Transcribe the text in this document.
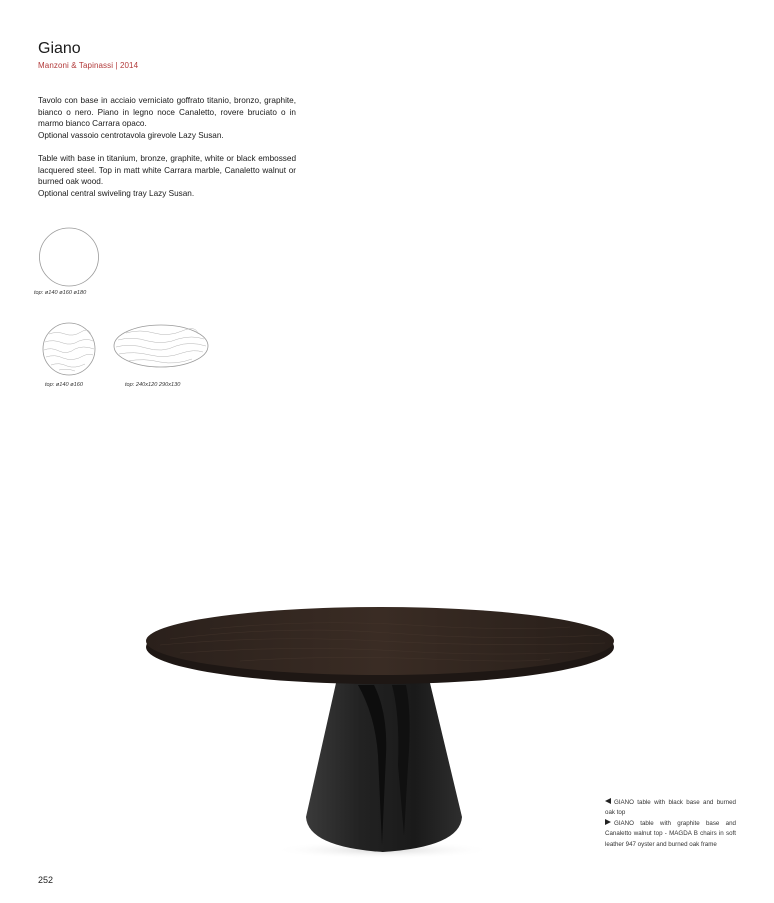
Giano
Manzoni & Tapinassi | 2014

Tavolo con base in acciaio verniciato goffrato titanio, bronzo, graphite, bianco o nero. Piano in legno noce Canaletto, rovere bruciato o in marmo bianco Carrara opaco.

Optional vassoio centrotavola girevole Lazy Susan.

Table with base in titanium, bronze, graphite, white or black embossed lacquered steel. Top in matt white Carrara marble, Canaletto walnut or burned oak wood.

Optional central swiveling tray Lazy Susan.

top: ø140 ø160 ø180
top: ø140 ø160	top: 240x120 290x130

GIANO table with black base and burned oak top

GIANO table with graphite base and Canaletto walnut top - MAGDA B chairs in soft leather 947 oyster and burned oak frame

252
